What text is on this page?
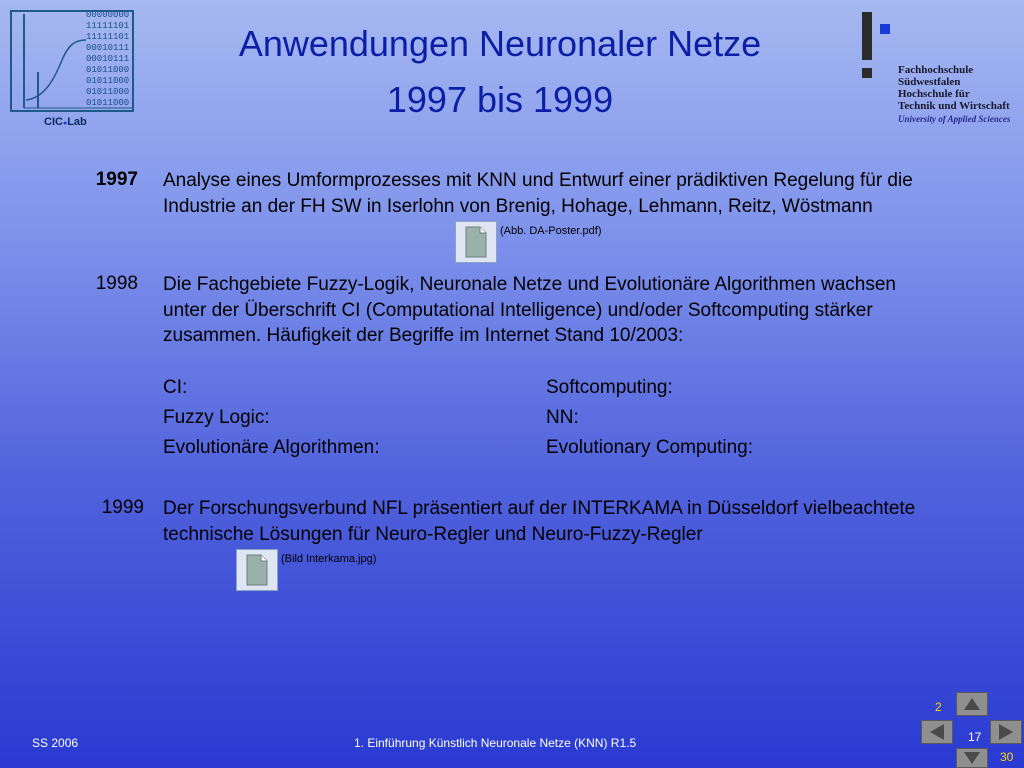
00000000
11111101
11111101
00010111
00010111
01011000
01011000
01011000
01011000
CIC●Lab
Anwendungen Neuronaler Netze
1997 bis 1999
Fachhochschule
Südwestfalen
Hochschule für
Technik und Wirtschaft
University of Applied Sciences
1997 Analyse eines Umformprozesses mit KNN und Entwurf einer prädiktiven Regelung für die Industrie an der FH SW in Iserlohn von Brenig, Hohage, Lehmann, Reitz, Wöstmann
(Abb. DA-Poster.pdf)
1998 Die Fachgebiete Fuzzy-Logik, Neuronale Netze und Evolutionäre Algorithmen wachsen unter der Überschrift CI (Computational Intelligence) und/oder Softcomputing stärker zusammen. Häufigkeit der Begriffe im Internet Stand 10/2003:
CI:	Softcomputing:
Fuzzy Logic:	NN:
Evolutionäre Algorithmen:	Evolutionary Computing:
1999 Der Forschungsverbund NFL präsentiert auf der INTERKAMA in Düsseldorf vielbeachtete technische Lösungen für Neuro-Regler und Neuro-Fuzzy-Regler
(Bild Interkama.jpg)
SS 2006	1. Einführung Künstlich Neuronale Netze (KNN) R1.5
2
17
30
